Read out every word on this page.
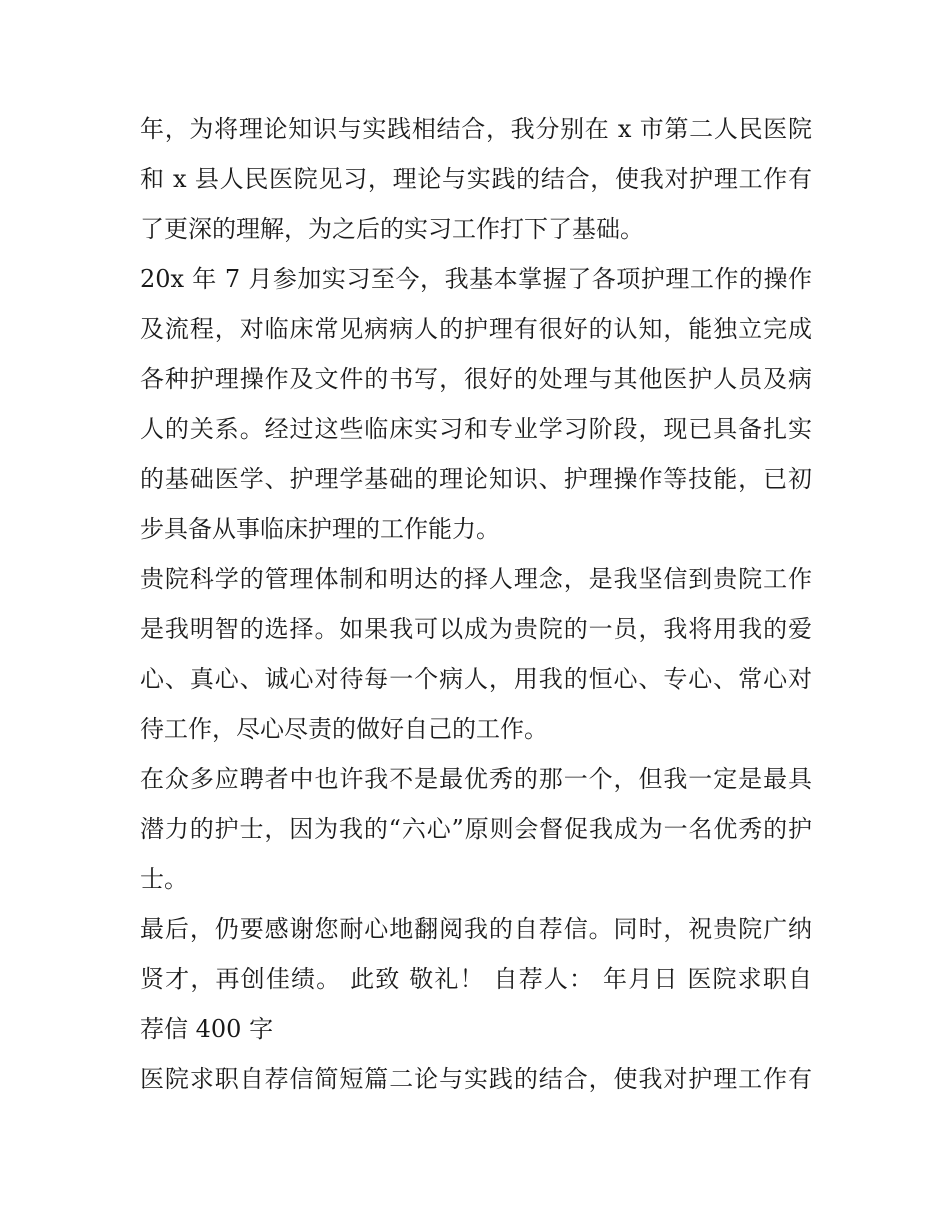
年，为将理论知识与实践相结合，我分别在 x 市第二人民医院
和 x 县人民医院见习，理论与实践的结合，使我对护理工作有
了更深的理解，为之后的实习工作打下了基础。
20x 年 7 月参加实习至今，我基本掌握了各项护理工作的操作
及流程，对临床常见病病人的护理有很好的认知，能独立完成
各种护理操作及文件的书写，很好的处理与其他医护人员及病
人的关系。经过这些临床实习和专业学习阶段，现已具备扎实
的基础医学、护理学基础的理论知识、护理操作等技能，已初
步具备从事临床护理的工作能力。
贵院科学的管理体制和明达的择人理念，是我坚信到贵院工作
是我明智的选择。如果我可以成为贵院的一员，我将用我的爱
心、真心、诚心对待每一个病人，用我的恒心、专心、常心对
待工作，尽心尽责的做好自己的工作。
在众多应聘者中也许我不是最优秀的那一个，但我一定是最具
潜力的护士，因为我的“六心”原则会督促我成为一名优秀的护
士。
最后，仍要感谢您耐心地翻阅我的自荐信。同时，祝贵院广纳
贤才，再创佳绩。 此致 敬礼！ 自荐人： 年月日 医院求职自
荐信 400 字
医院求职自荐信简短篇二论与实践的结合，使我对护理工作有
